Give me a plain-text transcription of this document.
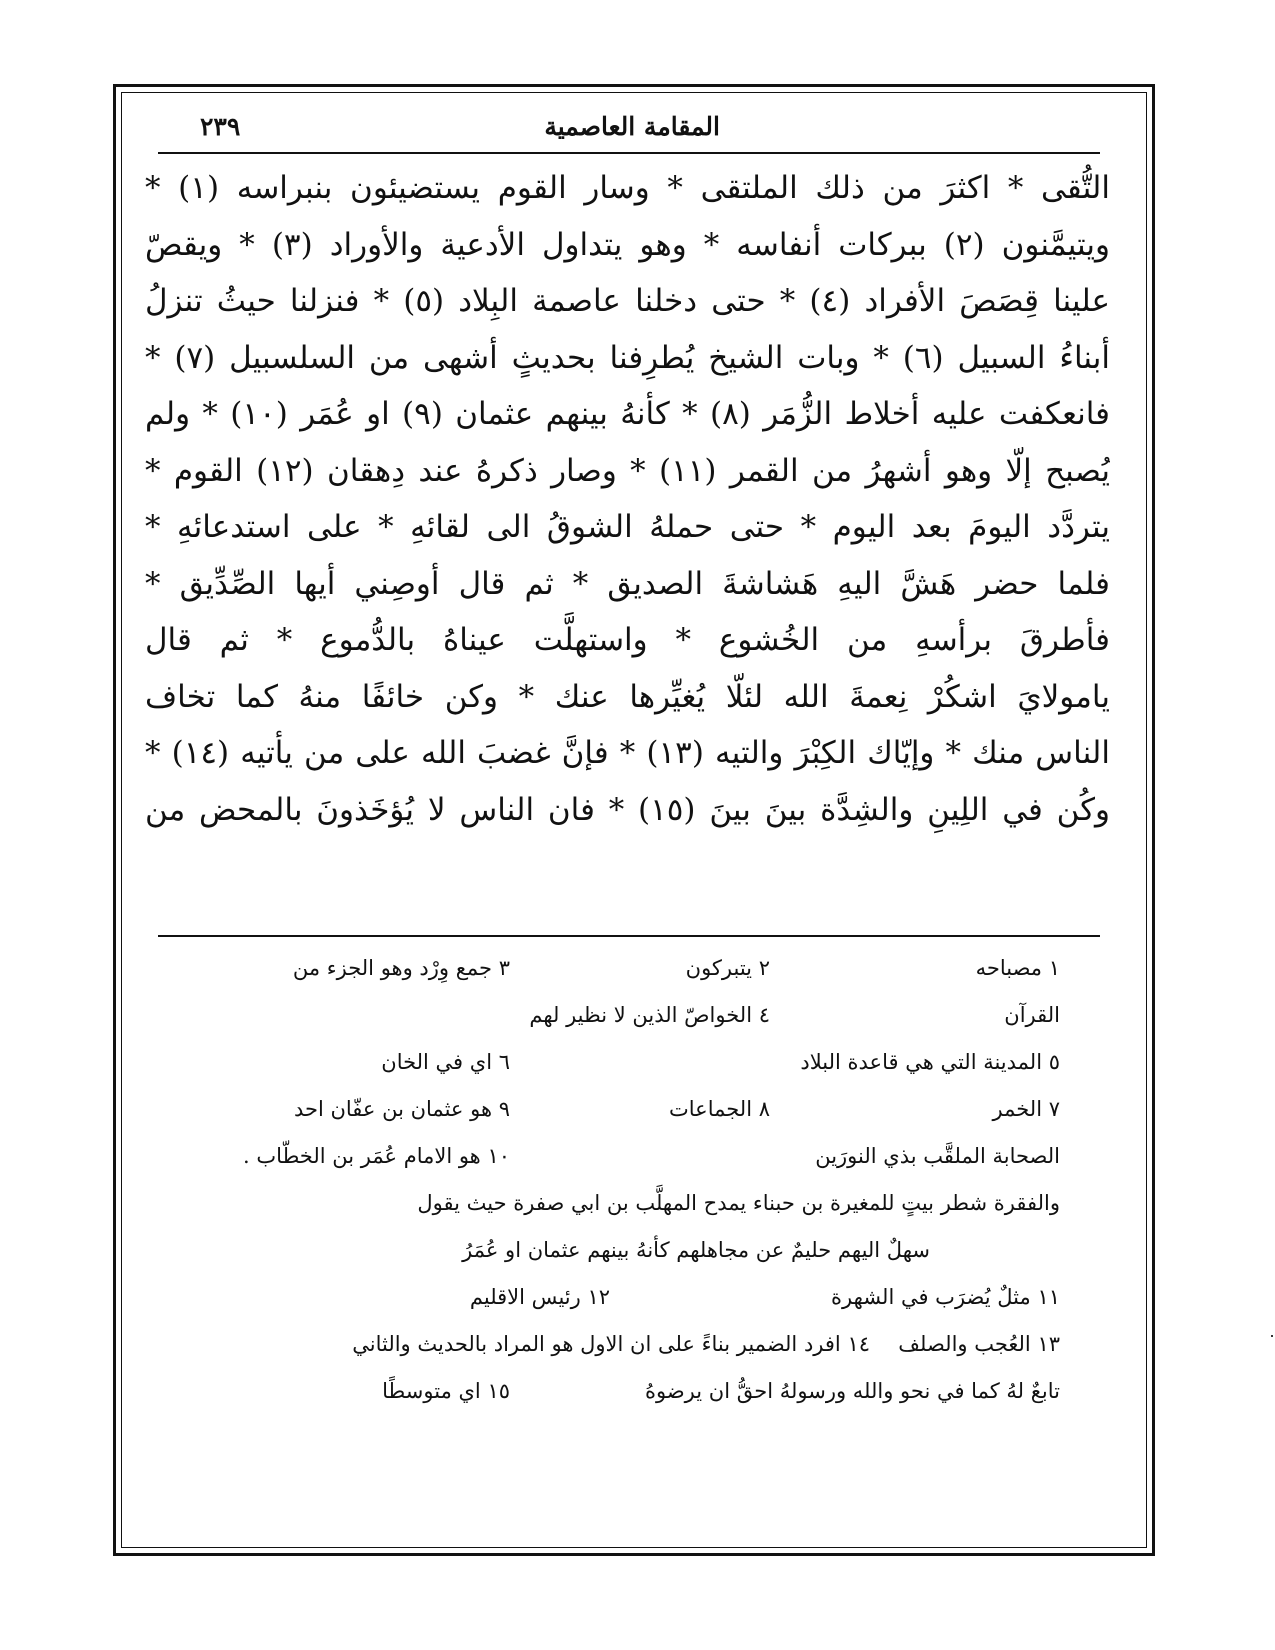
المقامة العاصمية
٢٣٩
التُّقى * اكثرَ من ذلك الملتقى * وسار القوم يستضيئون بنبراسه (١) *
ويتيمَّنون (٢) ببركات أنفاسه * وهو يتداول الأدعية والأوراد (٣) * ويقصّ
علينا قِصَصَ الأفراد (٤) * حتى دخلنا عاصمة البِلاد (٥) * فنزلنا حيثُ تنزلُ
أبناءُ السبيل (٦) * وبات الشيخ يُطرِفنا بحديثٍ أشهى من السلسبيل (٧) *
فانعكفت عليه أخلاط الزُّمَر (٨) * كأنهُ بينهم عثمان (٩) او عُمَر (١٠) * ولم
يُصبح إلّا وهو أشهرُ من القمر (١١) * وصار ذكرهُ عند دِهقان (١٢) القوم *
يتردَّد اليومَ بعد اليوم * حتى حملهُ الشوقُ الى لقائهِ * على استدعائهِ *
فلما حضر هَشَّ اليهِ هَشاشةَ الصديق * ثم قال أوصِني أيها الصِّدِّيق *
فأطرقَ برأسهِ من الخُشوع * واستهلَّت عيناهُ بالدُّموع * ثم قال
يامولايَ اشكُرْ نِعمةَ الله لئلّا يُغيِّرها عنك * وكن خائفًا منهُ كما تخاف
الناس منك * وإيّاك الكِبْرَ والتيه (١٣) * فإنَّ غضبَ الله على من يأتيه (١٤) *
وكُن في اللِينِ والشِدَّة بينَ بينَ (١٥) * فان الناس لا يُؤخَذونَ بالمحض من
١ مصباحه
٢ يتبركون
٣ جمع وِرْد وهو الجزء من
القرآن
٤ الخواصّ الذين لا نظير لهم
٥ المدينة التي هي قاعدة البلاد
٦ اي في الخان
٧ الخمر
٨ الجماعات
٩ هو عثمان بن عفّان احد
الصحابة الملقَّب بذي النورَين
١٠ هو الامام عُمَر بن الخطّاب .
والفقرة شطر بيتٍ للمغيرة بن حبناء يمدح المهلَّب بن ابي صفرة حيث يقول
سهلٌ اليهم حليمٌ عن مجاهلهم كأنهُ بينهم عثمان او عُمَرُ
١١ مثلٌ يُضرَب في الشهرة
١٢ رئيس الاقليم
١٣ العُجب والصلف
١٤ افرد الضمير بناءً على ان الاول هو المراد بالحديث والثاني
تابعٌ لهُ كما في نحو والله ورسولهُ احقُّ ان يرضوهُ
١٥ اي متوسطًا
